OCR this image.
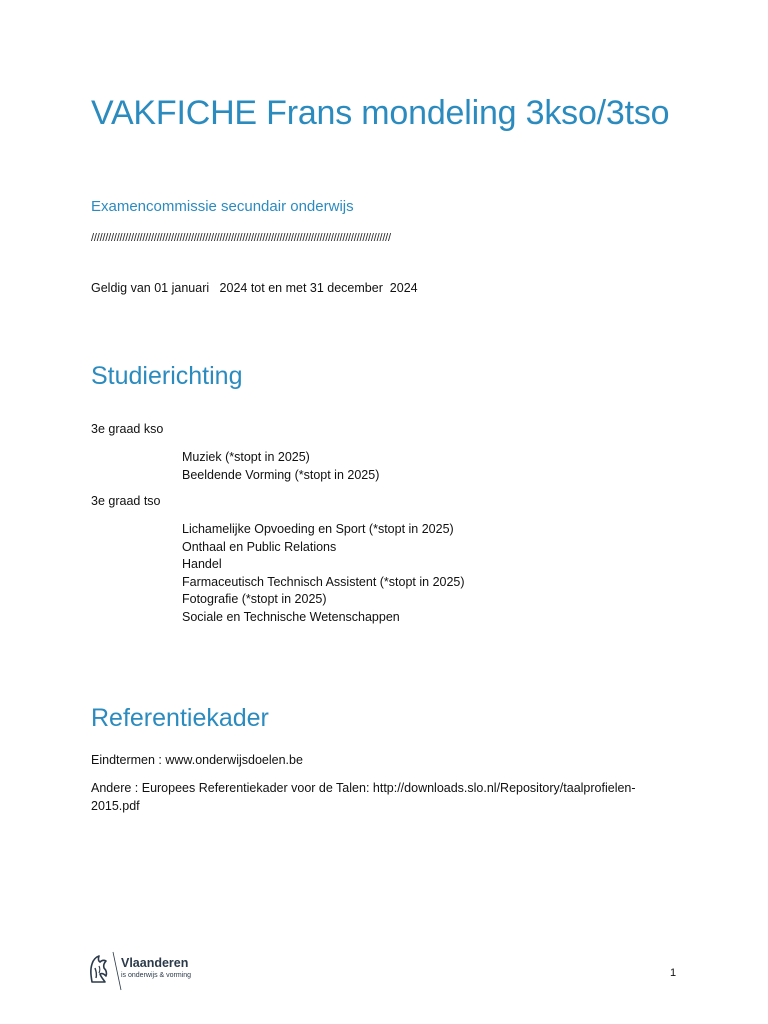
VAKFICHE Frans mondeling 3kso/3tso

Examencommissie secundair onderwijs

/////////////////////////////////////////////////////////////////////////////////////////////////////////
Geldig van 01 januari   2024 tot en met 31 december  2024
Studierichting
3e graad kso
Muziek (*stopt in 2025)
Beeldende Vorming (*stopt in 2025)
3e graad tso
Lichamelijke Opvoeding en Sport (*stopt in 2025)
Onthaal en Public Relations
Handel
Farmaceutisch Technisch Assistent (*stopt in 2025)
Fotografie (*stopt in 2025)
Sociale en Technische Wetenschappen
Referentiekader

Eindtermen : www.onderwijsdoelen.be

Andere : Europees Referentiekader voor de Talen: http://downloads.slo.nl/Repository/taalprofielen-2015.pdf

Vlaanderen
is onderwijs & vorming	1
